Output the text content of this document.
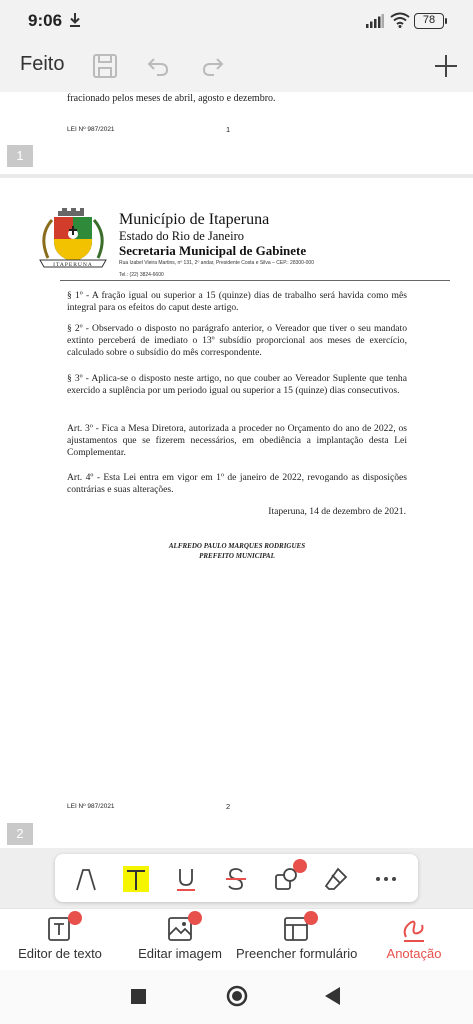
9:06	78
Feito
fracionado pelos meses de abril, agosto e dezembro.
LEI Nº 987/2021	1
1
ITAPERUNA
Município de Itaperuna
Estado do Rio de Janeiro
Secretaria Municipal de Gabinete
Rua Izabel Vieira Martins, nº 131, 2º andar, Presidente Costa e Silva – CEP.: 28300-000
Tel.: (22) 3824-6600

§ 1º - A fração igual ou superior a 15 (quinze) dias de trabalho será havida como mês integral para os efeitos do caput deste artigo.

§ 2º - Observado o disposto no parágrafo anterior, o Vereador que tiver o seu mandato extinto perceberá de imediato o 13º subsídio proporcional aos meses de exercício, calculado sobre o subsídio do mês correspondente.

§ 3º - Aplica-se o disposto neste artigo, no que couber ao Vereador Suplente que tenha exercido a suplência por um periodo igual ou superior a 15 (quinze) dias consecutivos.

Art. 3º - Fica a Mesa Diretora, autorizada a proceder no Orçamento do ano de 2022, os ajustamentos que se fizerem necessários, em obediência a implantação desta Lei Complementar.

Art. 4º - Esta Lei entra em vigor em 1º de janeiro de 2022, revogando as disposições contrárias e suas alterações.

Itaperuna, 14 de dezembro de 2021.
ALFREDO PAULO MARQUES RODRIGUES
PREFEITO MUNICIPAL
LEI Nº 987/2021	2
2
Editor de texto	Editar imagem	Preencher formulário	Anotação
